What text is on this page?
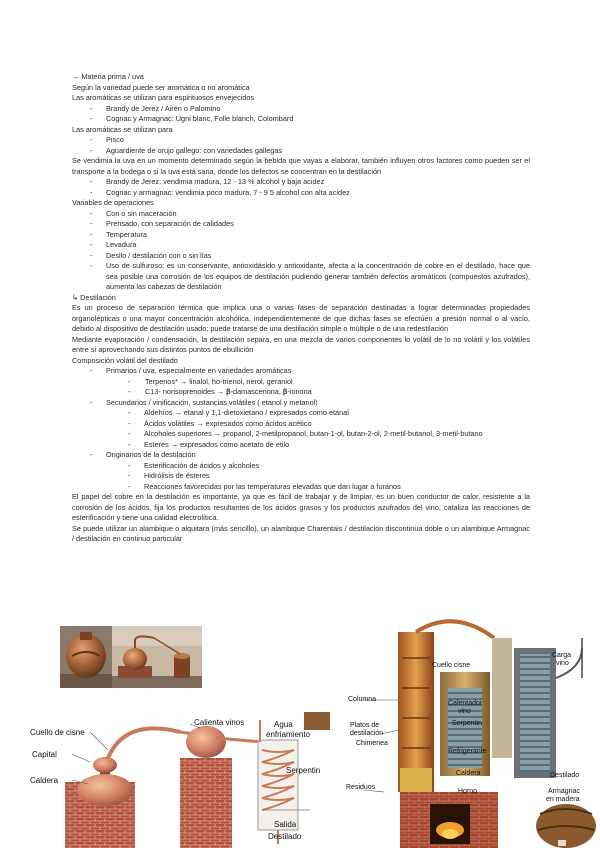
→ Materia prima / uva
Según la variedad puede ser aromática o no aromática
Las aromáticas se utilizan para espirituosos envejecidos
- Brandy de Jerez / Airén o Palomino
- Cognac y Armagnac: Ugni blanc, Folle blanch, Colombard
Las aromáticas se utilizan para
- Pisco
- Aguardiente de orujo gallego: con variedades gallegas
Se vendimia la uva en un momento determinado según la bebida que vayas a elaborar, también influyen otros factores como pueden ser el transporte a la bodega o si la uva está sana, donde los defectos se concentran en la destilación
- Brandy de Jerez: vendimia madura, 12 - 13 % alcohol y baja acidez
- Cognac y armagnac: vendimia poco madura, 7 - 9 5 alcohol con alta acidez
Variables de operaciones
- Con o sin maceración
- Prensado, con separación de calidades
- Temperatura
- Levadura
- Desllo / destilación con o sin lías
- Uso de sulfuroso: es un conservante, antioxidásido y antioxidante, afecta a la concentración de cobre en el destilado, hace que sea posible una corrosión de los equipos de destilación pudiendo generar también defectos aromáticos (compuestos azufrados), aumenta las cabezas de destilación
↳ Destilación
Es un proceso de separación térmica que implica una o varias fases de separación destinadas a lograr determinadas propiedades organolépticas o una mayor concentración alcohólica, independientemente de que dichas fases se efectúen a presión normal o al vacío, debido al dispositivo de destilación usado; puede tratarse de una destilación simple o múltiple o de una redestilación
Mediante evaporación / condensación, la destilación separa, en una mezcla de varios componentes lo volátil de lo no volátil y los volátiles entre sí aprovechando sus distintos puntos de ebullición
Composición volátil del destilado
- Primarios / uva, especialmente en variedades aromáticas
- Terpenos* → linalol, ho-trienol, nerol, geraniol
- C13- norisoprenoides → β-damascenona, β-ionona
- Secundarios / vinificación, sustancias volátiles ( etanol y metanol)
- Aldehíos → etanal y 1,1-dietoxietano / expresados como etanal
- Ácidos volátiles → expresados como ácidos acético
- Alcoholes superiores → propanol, 2-metilpropanol, butan-1-ol, butan-2-ol, 2-metil-butanol, 3-metil-butano
- Esteres → expresados como acetato de etilo
- Originarios de la destilación
- Esterificación de ácidos y alcoholes
- Hidrólisis de ésteres
- Reacciones favorecidas por las temperaturas elevadas que dan lugar a furanos
El papel del cobre en la destilación es importante, ya que es fácil de trabajar y de limpiar, es un buen conductor de calor, resistente a la corrosión de los ácidos, fija los productos resultantes de los ácidos grasos y los productos azufrados del vino, cataliza las reacciones de esterificación y tiene una calidad electrolítica.
Se puede utilizar un alambique o alquitara (más sencillo), un alambique Charentais / destilación discontinua doble o un alambique Armagnac / destilación en continuo particular
Cuello de cisne
Capital
Caldera
Calienta vinos	Agua
enfriamiento
Serpentin
Salida
Destilado
Cuello cisne
Carga
vino
Columna
Platos de
destilación
Chimenea
Calentador
vino
Serpentin
Refrigerante
Caldera
Residuos
Horno
Destilado
Armagnac
en madera
